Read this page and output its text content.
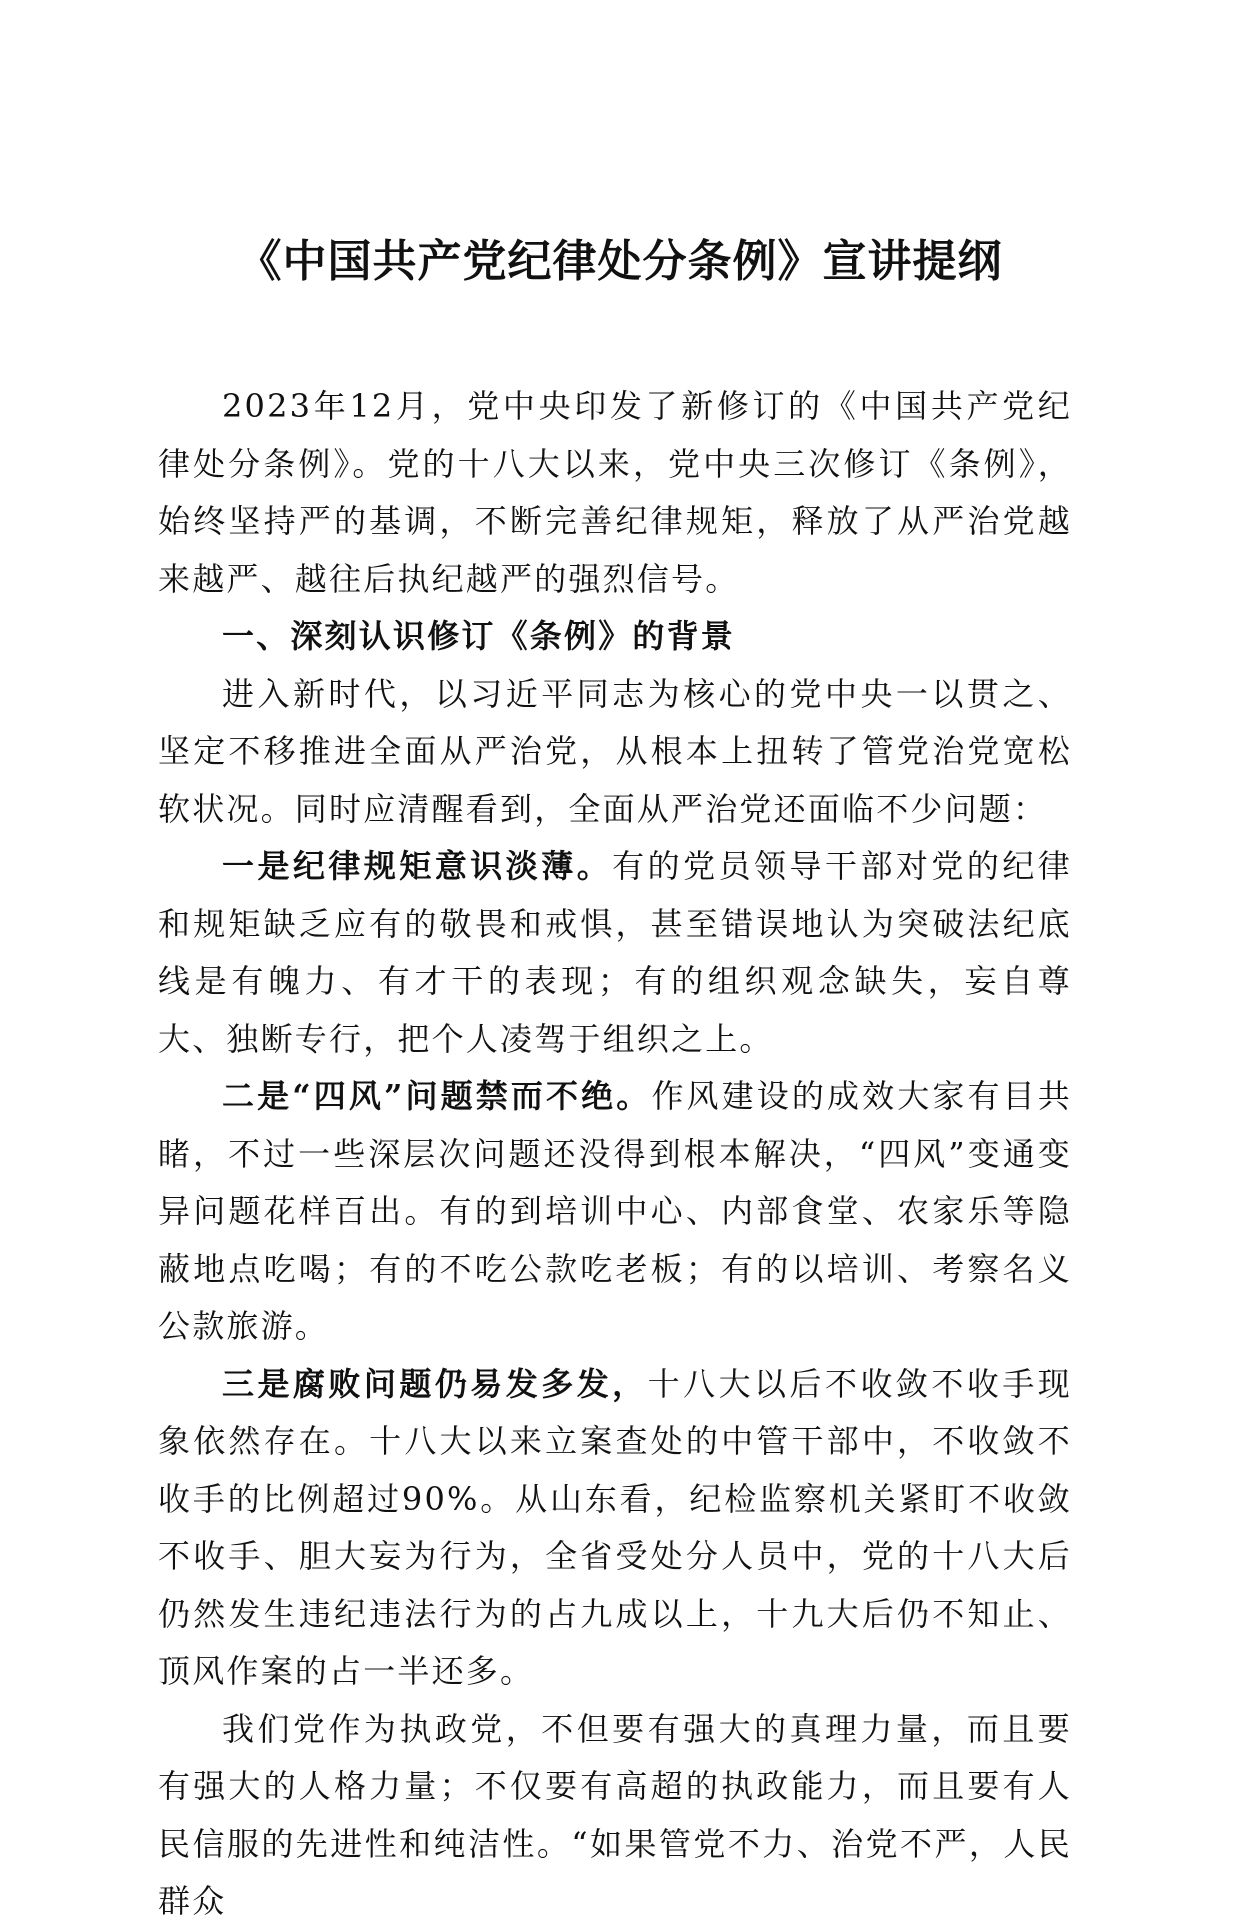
《中国共产党纪律处分条例》宣讲提纲

2023年12月，党中央印发了新修订的《中国共产党纪律处分条例》。党的十八大以来，党中央三次修订《条例》，始终坚持严的基调，不断完善纪律规矩，释放了从严治党越来越严、越往后执纪越严的强烈信号。

一、深刻认识修订《条例》的背景

进入新时代，以习近平同志为核心的党中央一以贯之、坚定不移推进全面从严治党，从根本上扭转了管党治党宽松软状况。同时应清醒看到，全面从严治党还面临不少问题：

一是纪律规矩意识淡薄。有的党员领导干部对党的纪律和规矩缺乏应有的敬畏和戒惧，甚至错误地认为突破法纪底线是有魄力、有才干的表现；有的组织观念缺失，妄自尊大、独断专行，把个人凌驾于组织之上。

二是“四风”问题禁而不绝。作风建设的成效大家有目共睹，不过一些深层次问题还没得到根本解决，“四风”变通变异问题花样百出。有的到培训中心、内部食堂、农家乐等隐蔽地点吃喝；有的不吃公款吃老板；有的以培训、考察名义公款旅游。

三是腐败问题仍易发多发，十八大以后不收敛不收手现象依然存在。十八大以来立案查处的中管干部中，不收敛不收手的比例超过90%。从山东看，纪检监察机关紧盯不收敛不收手、胆大妄为行为，全省受处分人员中，党的十八大后仍然发生违纪违法行为的占九成以上，十九大后仍不知止、顶风作案的占一半还多。

我们党作为执政党，不但要有强大的真理力量，而且要有强大的人格力量；不仅要有高超的执政能力，而且要有人民信服的先进性和纯洁性。“如果管党不力、治党不严，人民群众
